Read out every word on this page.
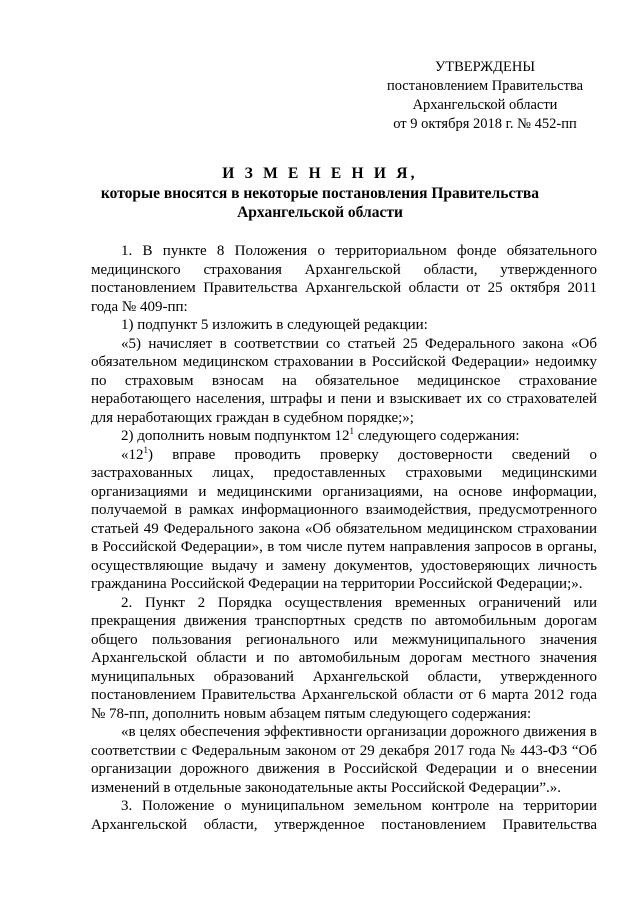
УТВЕРЖДЕНЫ
постановлением Правительства
Архангельской области
от 9 октября 2018 г. № 452-пп
И З М Е Н Е Н И Я,
которые вносятся в некоторые постановления Правительства
Архангельской области

1. В пункте 8 Положения о территориальном фонде обязательного медицинского страхования Архангельской области, утвержденного постановлением Правительства Архангельской области от 25 октября 2011 года № 409-пп:

1) подпункт 5 изложить в следующей редакции:

«5) начисляет в соответствии со статьей 25 Федерального закона «Об обязательном медицинском страховании в Российской Федерации» недоимку по страховым взносам на обязательное медицинское страхование неработающего населения, штрафы и пени и взыскивает их со страхователей для неработающих граждан в судебном порядке;»;

2) дополнить новым подпунктом $12^1$ следующего содержания:

«$12^1$) вправе проводить проверку достоверности сведений о застрахованных лицах, предоставленных страховыми медицинскими организациями и медицинскими организациями, на основе информации, получаемой в рамках информационного взаимодействия, предусмотренного статьей 49 Федерального закона «Об обязательном медицинском страховании в Российской Федерации», в том числе путем направления запросов в органы, осуществляющие выдачу и замену документов, удостоверяющих личность гражданина Российской Федерации на территории Российской Федерации;».

2. Пункт 2 Порядка осуществления временных ограничений или прекращения движения транспортных средств по автомобильным дорогам общего пользования регионального или межмуниципального значения Архангельской области и по автомобильным дорогам местного значения муниципальных образований Архангельской области, утвержденного постановлением Правительства Архангельской области от 6 марта 2012 года № 78-пп, дополнить новым абзацем пятым следующего содержания:

«в целях обеспечения эффективности организации дорожного движения в соответствии с Федеральным законом от 29 декабря 2017 года № 443-ФЗ “Об организации дорожного движения в Российской Федерации и о внесении изменений в отдельные законодательные акты Российской Федерации”.».

3. Положение о муниципальном земельном контроле на территории Архангельской области, утвержденное постановлением Правительства
